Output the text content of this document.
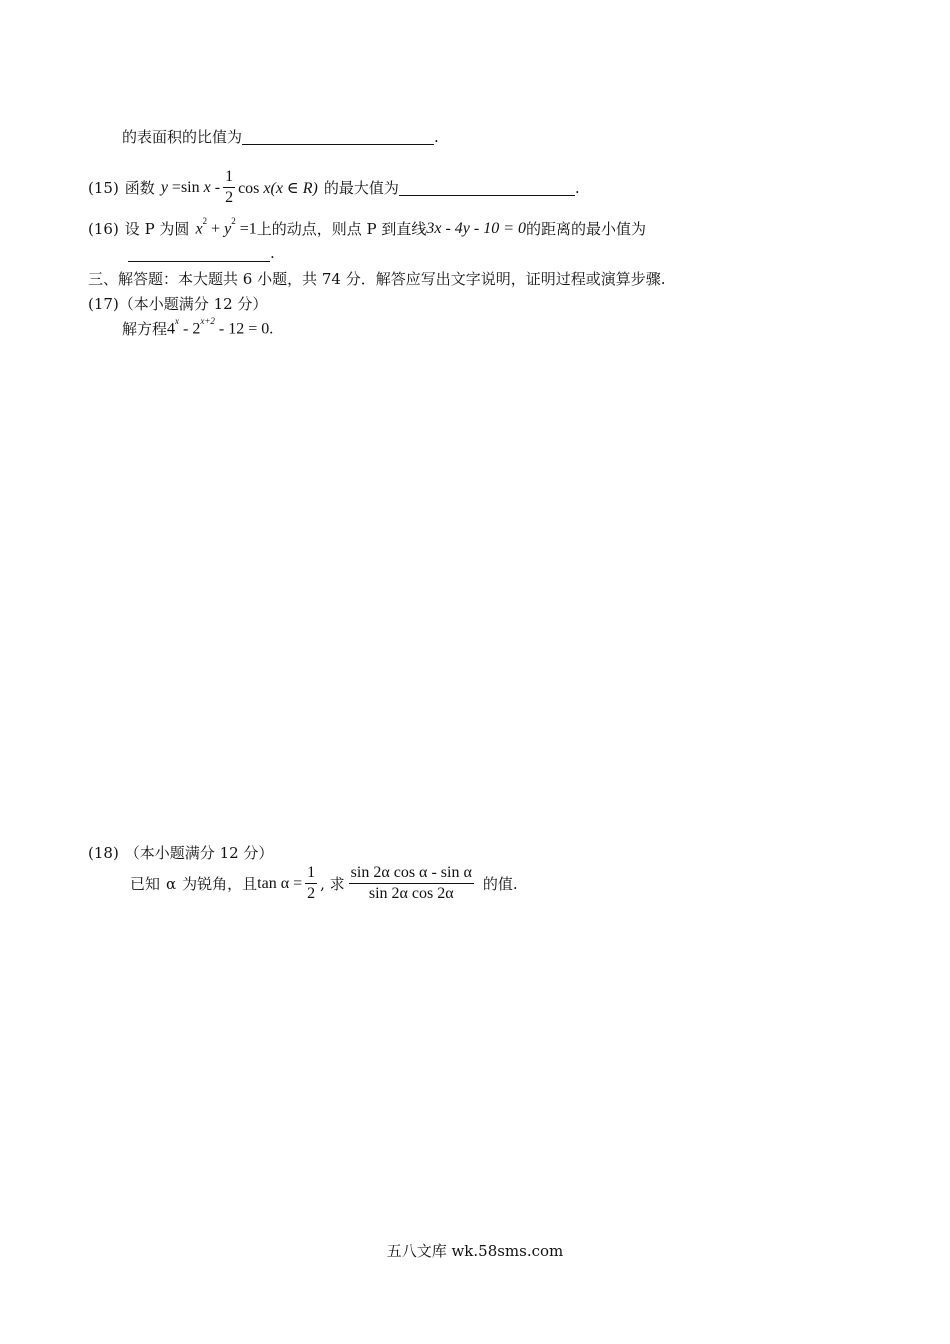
的表面积的比值为	.
(15) 函数 y =sin x - $\frac{1}{2}$ cos x(x ∈ R) 的最大值为	.
(16) 设 P 为圆 $x^2 + y^2 =1$ 上的动点，则点 P 到直线 3x - 4y - 10 = 0 的距离的最小值为
.
三、解答题：本大题共 6 小题，共 74 分．解答应写出文字说明，证明过程或演算步骤.
(17) （本小题满分 12 分）
解方程 $4^x - 2^{x+2} - 12 = 0$.
(18) （本小题满分 12 分）
已知 α 为锐角，且 $\tan \alpha = \frac{1}{2}$ , 求 $\frac{\text{sin 2α cos α - sin α}}{\text{sin 2α cos 2α}}$ 的值.
五八文库 wk.58sms.com
